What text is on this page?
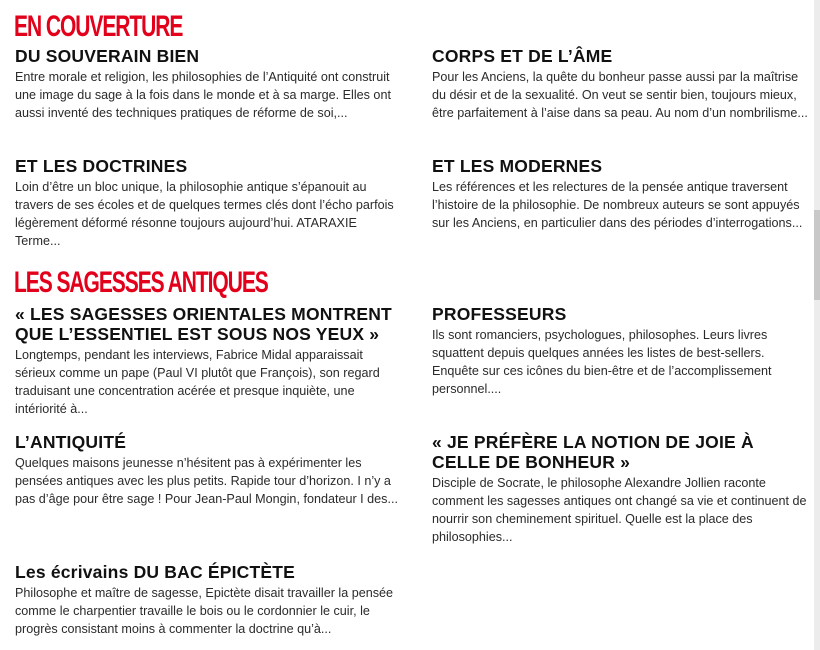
EN COUVERTURE
DU SOUVERAIN BIEN

Entre morale et religion, les philosophies de l’Antiquité ont construit une image du sage à la fois dans le monde et à sa marge. Elles ont aussi inventé des techniques pratiques de réforme de soi,...

CORPS ET DE L’ÂME

Pour les Anciens, la quête du bonheur passe aussi par la maîtrise du désir et de la sexualité. On veut se sentir bien, toujours mieux, être parfaitement à l’aise dans sa peau. Au nom d’un nombrilisme...

ET LES DOCTRINES

Loin d’être un bloc unique, la philosophie antique s’épanouit au travers de ses écoles et de quelques termes clés dont l’écho parfois légèrement déformé résonne toujours aujourd’hui. ATARAXIE Terme...

ET LES MODERNES

Les références et les relectures de la pensée antique traversent l’histoire de la philosophie. De nombreux auteurs se sont appuyés sur les Anciens, en particulier dans des périodes d’interrogations...

LES SAGESSES ANTIQUES
« LES SAGESSES ORIENTALES MONTRENT QUE L’ESSENTIEL EST SOUS NOS YEUX »

Longtemps, pendant les interviews, Fabrice Midal apparaissait sérieux comme un pape (Paul VI plutôt que François), son regard traduisant une concentration acérée et presque inquiète, une intériorité à...

PROFESSEURS

Ils sont romanciers, psychologues, philosophes. Leurs livres squattent depuis quelques années les listes de best-sellers. Enquête sur ces icônes du bien-être et de l’accomplissement personnel....

L’ANTIQUITÉ

Quelques maisons jeunesse n’hésitent pas à expérimenter les pensées antiques avec les plus petits. Rapide tour d’horizon. I n’y a pas d’âge pour être sage ! Pour Jean-Paul Mongin, fondateur I des...

« JE PRÉFÈRE LA NOTION DE JOIE À CELLE DE BONHEUR »

Disciple de Socrate, le philosophe Alexandre Jollien raconte comment les sagesses antiques ont changé sa vie et continuent de nourrir son cheminement spirituel. Quelle est la place des philosophies...

Les écrivains DU BAC ÉPICTÈTE

Philosophe et maître de sagesse, Epictète disait travailler la pensée comme le charpentier travaille le bois ou le cordonnier le cuir, le progrès consistant moins à commenter la doctrine qu’à...
